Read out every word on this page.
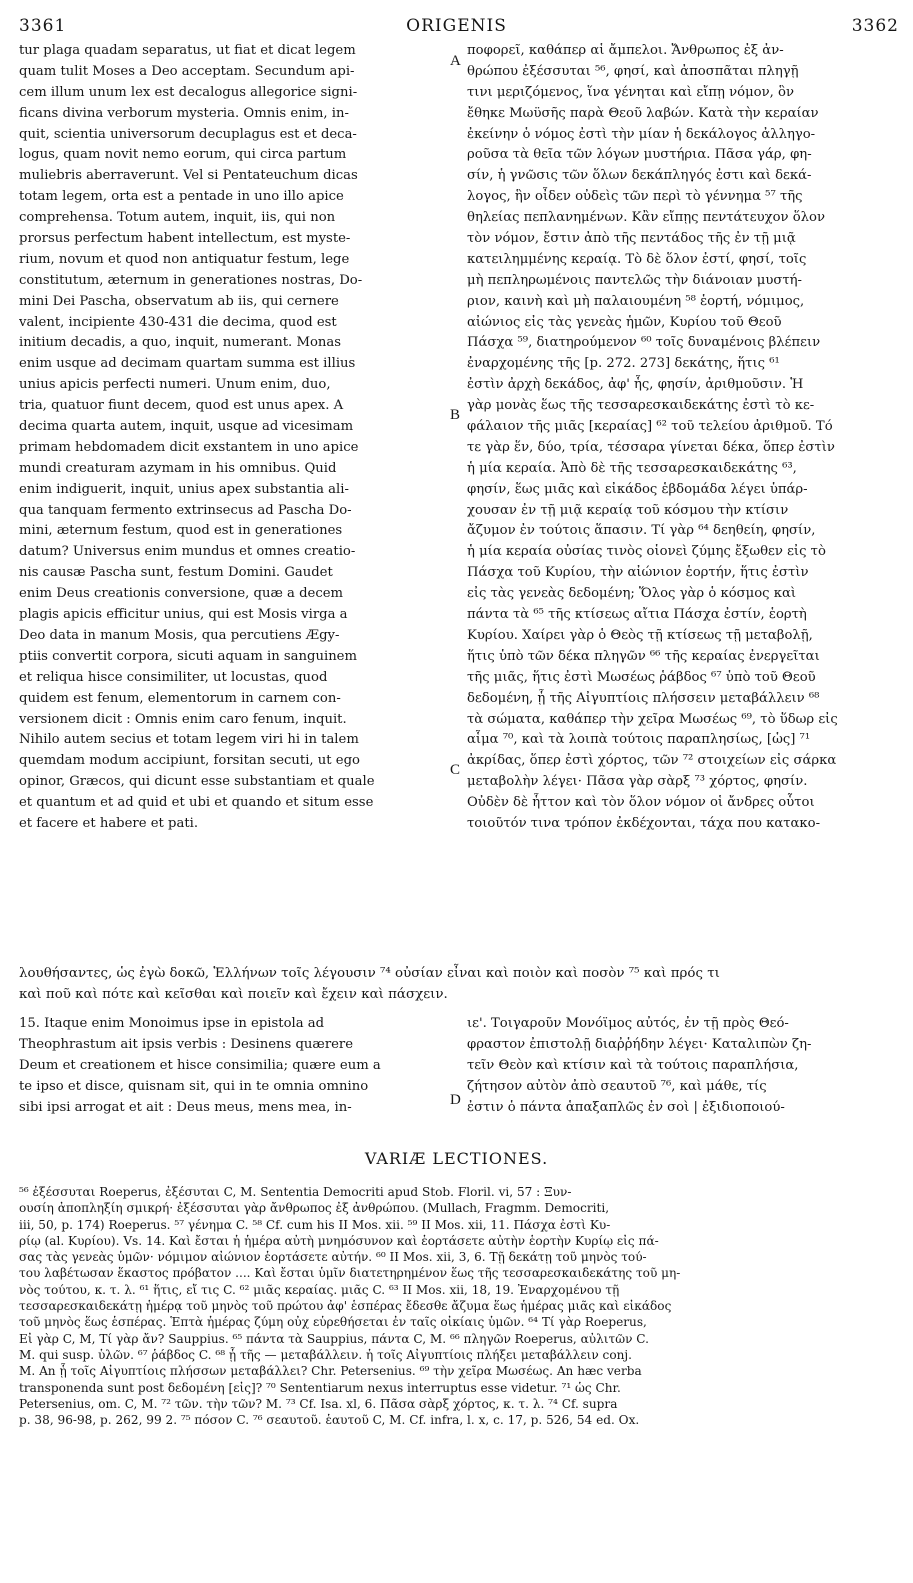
3361	ORIGENIS	3362
tur plaga quadam separatus, ut fiat et dicat legem
quam tulit Moses a Deo acceptam. Secundum api-
cem illum unum lex est decalogus allegorice signi-
ficans divina verborum mysteria. Omnis enim, in-
quit, scientia universorum decuplagus est et deca-
logus, quam novit nemo eorum, qui circa partum
muliebris aberraverunt. Vel si Pentateuchum dicas
totam legem, orta est a pentade in uno illo apice
comprehensa. Totum autem, inquit, iis, qui non
prorsus perfectum habent intellectum, est myste-
rium, novum et quod non antiquatur festum, lege
constitutum, æternum in generationes nostras, Do-
mini Dei Pascha, observatum ab iis, qui cernere
valent, incipiente 430-431 die decima, quod est
initium decadis, a quo, inquit, numerant. Monas
enim usque ad decimam quartam summa est illius
unius apicis perfecti numeri. Unum enim, duo,
tria, quatuor fiunt decem, quod est unus apex. A
decima quarta autem, inquit, usque ad vicesimam
primam hebdomadem dicit exstantem in uno apice
mundi creaturam azymam in his omnibus. Quid
enim indiguerit, inquit, unius apex substantia ali-
qua tanquam fermento extrinsecus ad Pascha Do-
mini, æternum festum, quod est in generationes
datum? Universus enim mundus et omnes creatio-
nis causæ Pascha sunt, festum Domini. Gaudet
enim Deus creationis conversione, quæ a decem
plagis apicis efficitur unius, qui est Mosis virga a
Deo data in manum Mosis, qua percutiens Ægy-
ptiis convertit corpora, sicuti aquam in sanguinem
et reliqua hisce consimiliter, ut locustas, quod
quidem est fenum, elementorum in carnem con-
versionem dicit : Omnis enim caro fenum, inquit.
Nihilo autem secius et totam legem viri hi in talem
quemdam modum accipiunt, forsitan secuti, ut ego
opinor, Græcos, qui dicunt esse substantiam et quale
et quantum et ad quid et ubi et quando et situm esse
et facere et habere et pati.
ποφορεῖ, καθάπερ αἱ ἄμπελοι. Ἄνθρωπος ἐξ ἀν-
θρώπου ἐξέσσυται ⁵⁶, φησί, καὶ ἀποσπᾶται πληγῇ
τινι μεριζόμενος, ἵνα γένηται καὶ εἴπῃ νόμον, ὃν
ἔθηκε Μωϋσῆς παρὰ Θεοῦ λαβών. Κατὰ τὴν κεραίαν
ἐκείνην ὁ νόμος ἐστὶ τὴν μίαν ἡ δεκάλογος ἀλληγο-
ροῦσα τὰ θεῖα τῶν λόγων μυστήρια. Πᾶσα γάρ, φη-
σίν, ἡ γνῶσις τῶν ὅλων δεκάπληγός ἐστι καὶ δεκά-
λογος, ἣν οἶδεν οὐδεὶς τῶν περὶ τὸ γέννημα ⁵⁷ τῆς
θηλείας πεπλανημένων. Κἂν εἴπῃς πεντάτευχον ὅλον
τὸν νόμον, ἔστιν ἀπὸ τῆς πεντάδος τῆς ἐν τῇ μιᾷ
κατειλημμένης κεραίᾳ. Τὸ δὲ ὅλον ἐστί, φησί, τοῖς
μὴ πεπληρωμένοις παντελῶς τὴν διάνοιαν μυστή-
ριον, καινὴ καὶ μὴ παλαιουμένη ⁵⁸ ἑορτή, νόμιμος,
αἰώνιος εἰς τὰς γενεὰς ἡμῶν, Κυρίου τοῦ Θεοῦ
Πάσχα ⁵⁹, διατηρούμενον ⁶⁰ τοῖς δυναμένοις βλέπειν
ἐναρχομένης τῆς [p. 272. 273] δεκάτης, ἥτις ⁶¹
ἐστὶν ἀρχὴ δεκάδος, ἀφ' ἧς, φησίν, ἀριθμοῦσιν. Ἡ
γὰρ μονὰς ἕως τῆς τεσσαρεσκαιδεκάτης ἐστὶ τὸ κε-
φάλαιον τῆς μιᾶς [κεραίας] ⁶² τοῦ τελείου ἀριθμοῦ. Τό
τε γὰρ ἕν, δύο, τρία, τέσσαρα γίνεται δέκα, ὅπερ ἐστὶν
ἡ μία κεραία. Ἀπὸ δὲ τῆς τεσσαρεσκαιδεκάτης ⁶³,
φησίν, ἕως μιᾶς καὶ εἰκάδος ἑβδομάδα λέγει ὑπάρ-
χουσαν ἐν τῇ μιᾷ κεραίᾳ τοῦ κόσμου τὴν κτίσιν
ἄζυμον ἐν τούτοις ἅπασιν. Τί γὰρ ⁶⁴ δεηθείη, φησίν,
ἡ μία κεραία οὐσίας τινὸς οἱονεὶ ζύμης ἔξωθεν εἰς τὸ
Πάσχα τοῦ Κυρίου, τὴν αἰώνιον ἑορτήν, ἥτις ἐστὶν
εἰς τὰς γενεὰς δεδομένη; Ὅλος γὰρ ὁ κόσμος καὶ
πάντα τὰ ⁶⁵ τῆς κτίσεως αἴτια Πάσχα ἐστίν, ἑορτὴ
Κυρίου. Χαίρει γὰρ ὁ Θεὸς τῇ κτίσεως τῇ μεταβολῇ,
ἥτις ὑπὸ τῶν δέκα πληγῶν ⁶⁶ τῆς κεραίας ἐνεργεῖται
τῆς μιᾶς, ἥτις ἐστὶ Μωσέως ῥάβδος ⁶⁷ ὑπὸ τοῦ Θεοῦ
δεδομένη, ᾗ τῆς Αἰγυπτίοις πλήσσειν μεταβάλλειν ⁶⁸
τὰ σώματα, καθάπερ τὴν χεῖρα Μωσέως ⁶⁹, τὸ ὕδωρ εἰς
αἷμα ⁷⁰, καὶ τὰ λοιπὰ τούτοις παραπλησίως, [ὡς] ⁷¹
ἀκρίδας, ὅπερ ἐστὶ χόρτος, τῶν ⁷² στοιχείων εἰς σάρκα
μεταβολὴν λέγει· Πᾶσα γὰρ σὰρξ ⁷³ χόρτος, φησίν.
Οὐδὲν δὲ ἧττον καὶ τὸν ὅλον νόμον οἱ ἄνδρες οὗτοι
τοιοῦτόν τινα τρόπον ἐκδέχονται, τάχα που κατακο-
A
B
C
D
λουθήσαντες, ὡς ἐγὼ δοκῶ, Ἑλλήνων τοῖς λέγουσιν ⁷⁴ οὐσίαν εἶναι καὶ ποιὸν καὶ ποσὸν ⁷⁵ καὶ πρός τι
καὶ ποῦ καὶ πότε καὶ κεῖσθαι καὶ ποιεῖν καὶ ἔχειν καὶ πάσχειν.
15. Itaque enim Monoimus ipse in epistola ad
Theophrastum ait ipsis verbis : Desinens quærere
Deum et creationem et hisce consimilia; quære eum a
te ipso et disce, quisnam sit, qui in te omnia omnino
sibi ipsi arrogat et ait : Deus meus, mens mea, in-
ιε'. Τοιγαροῦν Μονόϊμος αὐτός, ἐν τῇ πρὸς Θεό-
φραστον ἐπιστολῇ διαῤῥήδην λέγει· Καταλιπὼν ζη-
τεῖν Θεὸν καὶ κτίσιν καὶ τὰ τούτοις παραπλήσια,
ζήτησον αὐτὸν ἀπὸ σεαυτοῦ ⁷⁶, καὶ μάθε, τίς
ἐστιν ὁ πάντα ἁπαξαπλῶς ἐν σοὶ | ἐξιδιοποιού-
VARIÆ LECTIONES.
⁵⁶ ἐξέσσυται Roeperus, ἐξέσυται C, M. Sententia Democriti apud Stob. Floril. vi, 57 : Ξυν-
ουσίη ἀποπληξίη σμικρή· ἐξέσσυται γὰρ ἄνθρωπος ἐξ ἀνθρώπου. (Mullach, Fragmm. Democriti,
iii, 50, p. 174) Roeperus. ⁵⁷ γένημα C. ⁵⁸ Cf. cum his II Mos. xii. ⁵⁹ II Mos. xii, 11. Πάσχα ἐστὶ Κυ-
ρίῳ (al. Κυρίου). Vs. 14. Καὶ ἔσται ἡ ἡμέρα αὐτὴ μνημόσυνον καὶ ἑορτάσετε αὐτὴν ἑορτὴν Κυρίῳ εἰς πά-
σας τὰς γενεὰς ὑμῶν· νόμιμον αἰώνιον ἑορτάσετε αὐτήν. ⁶⁰ II Mos. xii, 3, 6. Τῇ δεκάτῃ τοῦ μηνὸς τού-
του λαβέτωσαν ἕκαστος πρόβατον .... Καὶ ἔσται ὑμῖν διατετηρημένον ἕως τῆς τεσσαρεσκαιδεκάτης τοῦ μη-
νὸς τούτου, κ. τ. λ. ⁶¹ ἥτις, εἴ τις C. ⁶² μιᾶς κεραίας. μιᾶς C. ⁶³ II Mos. xii, 18, 19. Ἐναρχομένου τῇ
τεσσαρεσκαιδεκάτῃ ἡμέρᾳ τοῦ μηνὸς τοῦ πρώτου ἀφ' ἑσπέρας ἔδεσθε ἄζυμα ἕως ἡμέρας μιᾶς καὶ εἰκάδος
τοῦ μηνὸς ἕως ἑσπέρας. Ἑπτὰ ἡμέρας ζύμη οὐχ εὑρεθήσεται ἐν ταῖς οἰκίαις ὑμῶν. ⁶⁴ Τί γὰρ Roeperus,
Εἰ γὰρ C, M, Τί γὰρ ἄν? Sauppius. ⁶⁵ πάντα τὰ Sauppius, πάντα C, M. ⁶⁶ πληγῶν Roeperus, αὐλιτῶν C.
M. qui susp. ὑλῶν. ⁶⁷ ῥάβδος C. ⁶⁸ ᾗ τῆς — μεταβάλλειν. ἡ τοῖς Αἰγυπτίοις πλήξει μεταβάλλειν conj.
M. An ᾗ τοῖς Αἰγυπτίοις πλήσσων μεταβάλλει? Chr. Petersenius. ⁶⁹ τὴν χεῖρα Μωσέως. An hæc verba
transponenda sunt post δεδομένη [εἰς]? ⁷⁰ Sententiarum nexus interruptus esse videtur. ⁷¹ ὡς Chr.
Petersenius, om. C, M. ⁷² τῶν. τὴν τῶν? M. ⁷³ Cf. Isa. xl, 6. Πᾶσα σὰρξ χόρτος, κ. τ. λ. ⁷⁴ Cf. supra
p. 38, 96-98, p. 262, 99 2. ⁷⁵ πόσον C. ⁷⁶ σεαυτοῦ. ἑαυτοῦ C, M. Cf. infra, l. x, c. 17, p. 526, 54 ed. Ox.
